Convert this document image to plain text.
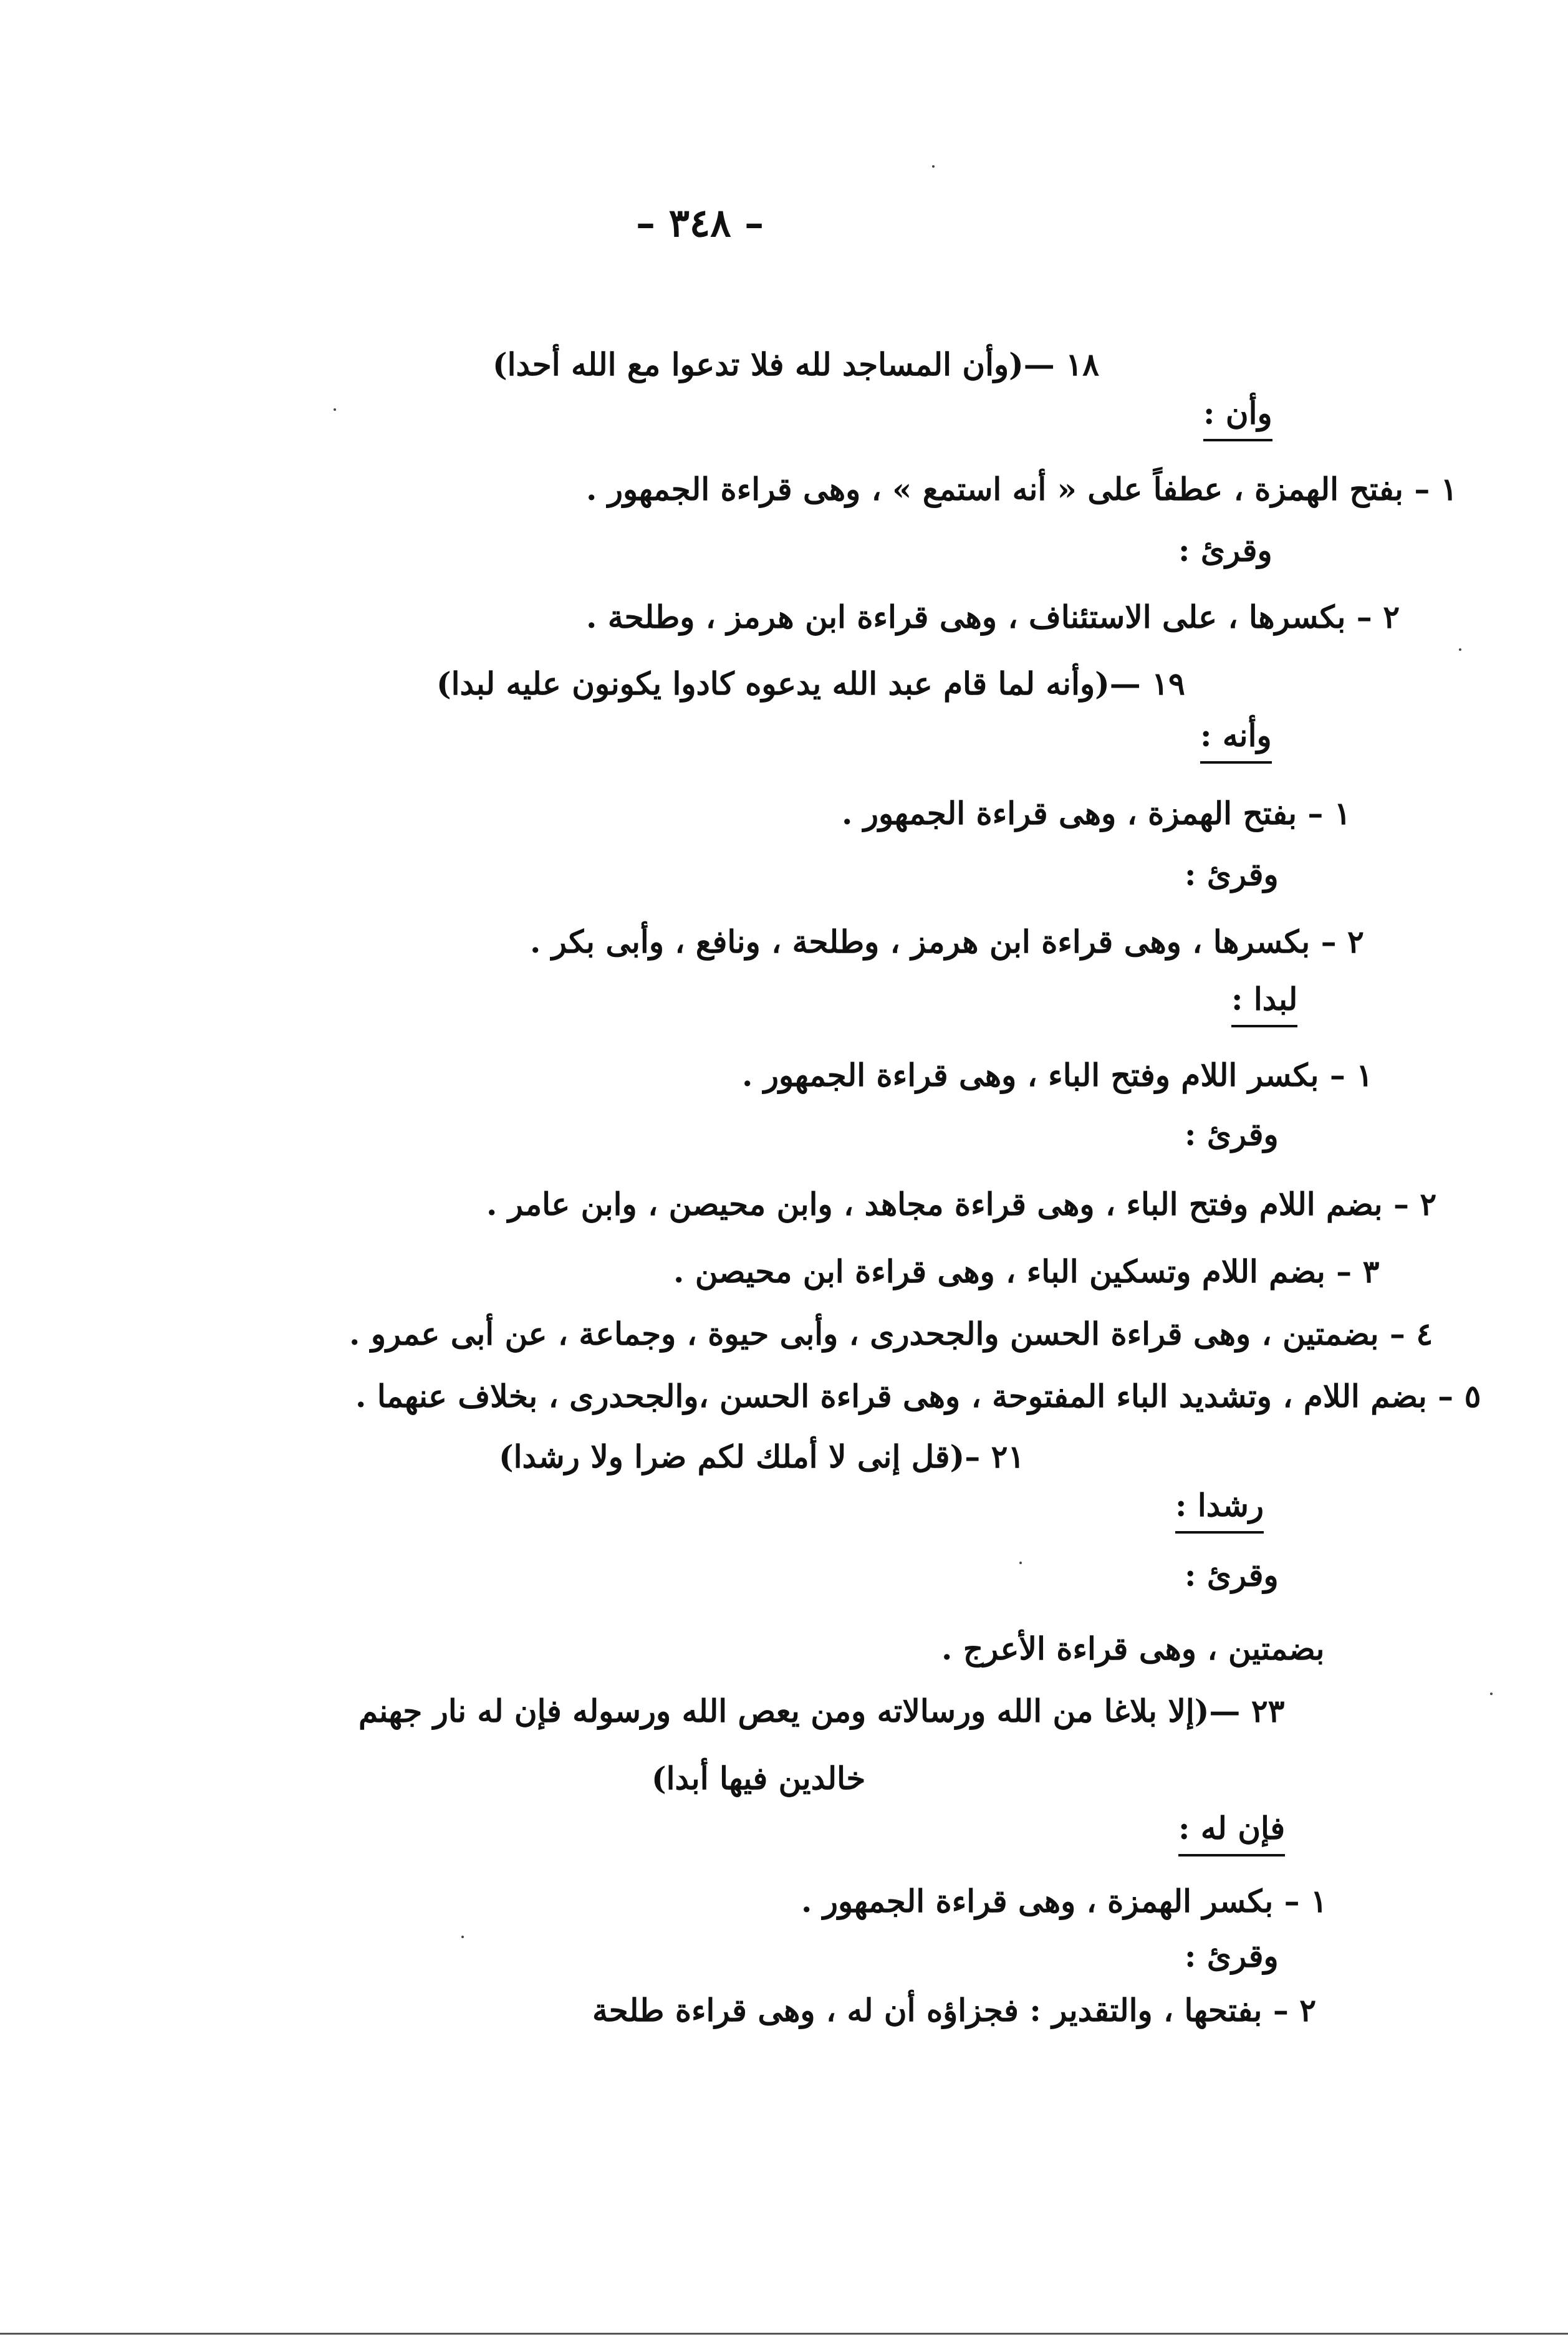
– ٣٤٨ –
١٨ —(وأن المساجد لله فلا تدعوا مع الله أحدا)
وأن :
١ – بفتح الهمزة ، عطفاً على « أنه استمع » ، وهى قراءة الجمهور .
وقرئ :
٢ – بكسرها ، على الاستئناف ، وهى قراءة ابن هرمز ، وطلحة .
١٩ —(وأنه لما قام عبد الله يدعوه كادوا يكونون عليه لبدا)
وأنه :
١ – بفتح الهمزة ، وهى قراءة الجمهور .
وقرئ :
٢ – بكسرها ، وهى قراءة ابن هرمز ، وطلحة ، ونافع ، وأبى بكر .
لبدا :
١ – بكسر اللام وفتح الباء ، وهى قراءة الجمهور .
وقرئ :
٢ – بضم اللام وفتح الباء ، وهى قراءة مجاهد ، وابن محيصن ، وابن عامر .
٣ – بضم اللام وتسكين الباء ، وهى قراءة ابن محيصن .
٤ – بضمتين ، وهى قراءة الحسن والجحدرى ، وأبى حيوة ، وجماعة ، عن أبى عمرو .
٥ – بضم اللام ، وتشديد الباء المفتوحة ، وهى قراءة الحسن ،والجحدرى ، بخلاف عنهما .
٢١ –(قل إنى لا أملك لكم ضرا ولا رشدا)
رشدا :
وقرئ :
بضمتين ، وهى قراءة الأعرج .
٢٣ —(إلا بلاغا من الله ورسالاته ومن يعص الله ورسوله فإن له نار جهنم
خالدين فيها أبدا)
فإن له :
١ – بكسر الهمزة ، وهى قراءة الجمهور .
وقرئ :
٢ – بفتحها ، والتقدير : فجزاؤه أن له ، وهى قراءة طلحة
